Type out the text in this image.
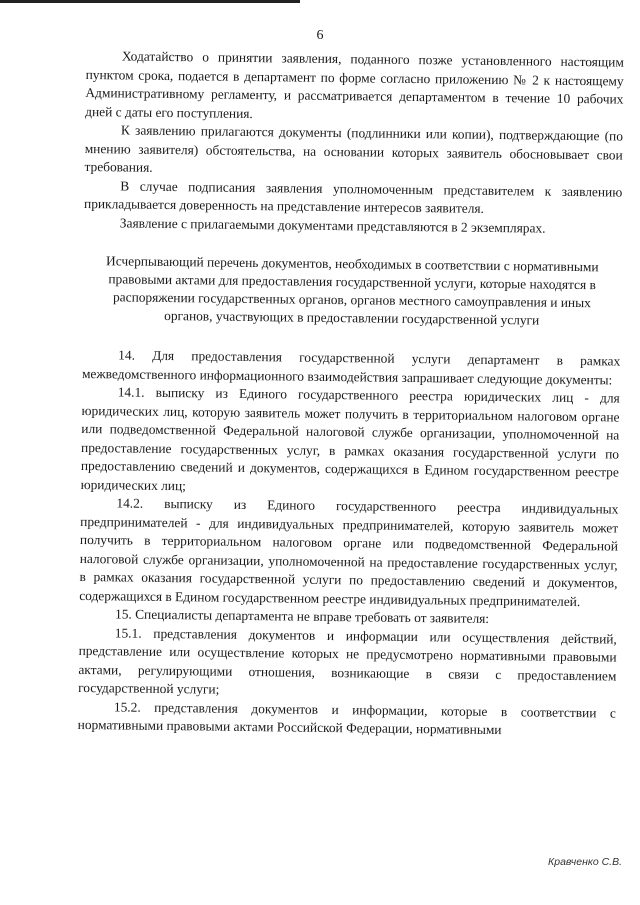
6

Ходатайство о принятии заявления, поданного позже установленного настоящим пунктом срока, подается в департамент по форме согласно приложению № 2 к настоящему Административному регламенту, и рассматривается департаментом в течение 10 рабочих дней с даты его поступления.

К заявлению прилагаются документы (подлинники или копии), подтверждающие (по мнению заявителя) обстоятельства, на основании которых заявитель обосновывает свои требования.

В случае подписания заявления уполномоченным представителем к заявлению прикладывается доверенность на представление интересов заявителя.

Заявление с прилагаемыми документами представляются в 2 экземплярах.

Исчерпывающий перечень документов, необходимых в соответствии с нормативными правовыми актами для предоставления государственной услуги, которые находятся в распоряжении государственных органов, органов местного самоуправления и иных органов, участвующих в предоставлении государственной услуги

14. Для предоставления государственной услуги департамент в рамках межведомственного информационного взаимодействия запрашивает следующие документы:

14.1. выписку из Единого государственного реестра юридических лиц - для юридических лиц, которую заявитель может получить в территориальном налоговом органе или подведомственной Федеральной налоговой службе организации, уполномоченной на предоставление государственных услуг, в рамках оказания государственной услуги по предоставлению сведений и документов, содержащихся в Едином государственном реестре юридических лиц;

14.2. выписку из Единого государственного реестра индивидуальных предпринимателей - для индивидуальных предпринимателей, которую заявитель может получить в территориальном налоговом органе или подведомственной Федеральной налоговой службе организации, уполномоченной на предоставление государственных услуг, в рамках оказания государственной услуги по предоставлению сведений и документов, содержащихся в Едином государственном реестре индивидуальных предпринимателей.

15. Специалисты департамента не вправе требовать от заявителя:

15.1. представления документов и информации или осуществления действий, представление или осуществление которых не предусмотрено нормативными правовыми актами, регулирующими отношения, возникающие в связи с предоставлением государственной услуги;

15.2. представления документов и информации, которые в соответствии с нормативными правовыми актами Российской Федерации, нормативными

Кравченко С.В.
